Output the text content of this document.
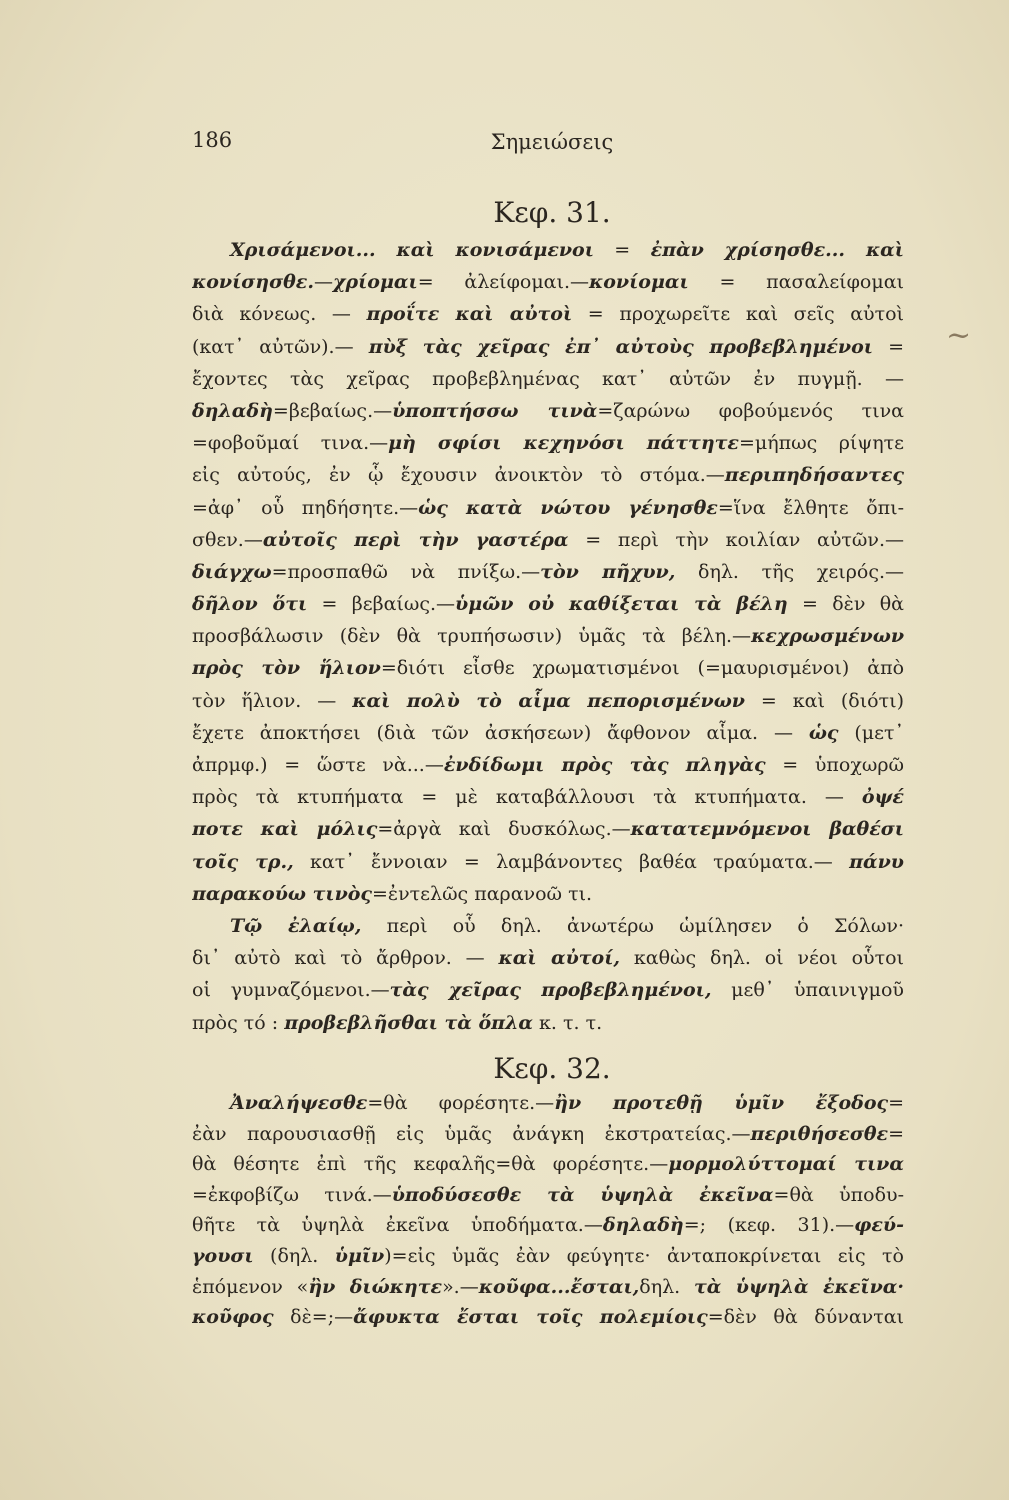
186	Σημειώσεις
Κεφ. 31.
Χρισάμενοι... καὶ κονισάμενοι = ἐπὰν χρίσησθε... καὶ
κονίσησθε.—χρίομαι= ἀλείφομαι.—κονίομαι = πασαλείφομαι
διὰ κόνεως. — προΐτε καὶ αὐτοὶ = προχωρεῖτε καὶ σεῖς αὐτοὶ
(κατ᾽ αὐτῶν).— πὺξ τὰς χεῖρας ἐπ᾽ αὐτοὺς προβεβλημένοι =
ἔχοντες τὰς χεῖρας προβεβλημένας κατ᾽ αὐτῶν ἐν πυγμῇ. —
δηλαδὴ=βεβαίως.—ὑποπτήσσω τινὰ=ζαρώνω φοβούμενός τινα
=φοβοῦμαί τινα.—μὴ σφίσι κεχηνόσι πάττητε=μήπως ρίψητε
εἰς αὐτούς, ἐν ᾧ ἔχουσιν ἀνοικτὸν τὸ στόμα.—περιπηδήσαντες
=ἀφ᾽ οὗ πηδήσητε.—ὡς κατὰ νώτου γένησθε=ἵνα ἔλθητε ὄπι-
σθεν.—αὐτοῖς περὶ τὴν γαστέρα = περὶ τὴν κοιλίαν αὐτῶν.—
διάγχω=προσπαθῶ νὰ πνίξω.—τὸν πῆχυν, δηλ. τῆς χειρός.—
δῆλον ὅτι = βεβαίως.—ὑμῶν οὐ καθίξεται τὰ βέλη = δὲν θὰ
προσβάλωσιν (δὲν θὰ τρυπήσωσιν) ὑμᾶς τὰ βέλη.—κεχρωσμένων
πρὸς τὸν ἥλιον=διότι εἶσθε χρωματισμένοι (=μαυρισμένοι) ἀπὸ
τὸν ἥλιον. — καὶ πολὺ τὸ αἷμα πεπορισμένων = καὶ (διότι)
ἔχετε ἀποκτήσει (διὰ τῶν ἀσκήσεων) ἄφθονον αἷμα. — ὡς (μετ᾽
ἀπρμφ.) = ὥστε νὰ...—ἐνδίδωμι πρὸς τὰς πληγὰς = ὑποχωρῶ
πρὸς τὰ κτυπήματα = μὲ καταβάλλουσι τὰ κτυπήματα. — ὀψέ
ποτε καὶ μόλις=ἀργὰ καὶ δυσκόλως.—κατατεμνόμενοι βαθέσι
τοῖς τρ., κατ᾽ ἔννοιαν = λαμβάνοντες βαθέα τραύματα.— πάνυ
παρακούω τινὸς=ἐντελῶς παρανοῶ τι.
Τῷ ἐλαίῳ, περὶ οὗ δηλ. ἀνωτέρω ὡμίλησεν ὁ Σόλων·
δι᾽ αὐτὸ καὶ τὸ ἄρθρον. — καὶ αὐτοί, καθὼς δηλ. οἱ νέοι οὗτοι
οἱ γυμναζόμενοι.—τὰς χεῖρας προβεβλημένοι, μεθ᾽ ὑπαινιγμοῦ
πρὸς τό : προβεβλῆσθαι τὰ ὅπλα κ. τ. τ.
Κεφ. 32.
Ἀναλήψεσθε=θὰ φορέσητε.—ἢν προτεθῇ ὑμῖν ἔξοδος=
ἐὰν παρουσιασθῇ εἰς ὑμᾶς ἀνάγκη ἐκστρατείας.—περιθήσεσθε=
θὰ θέσητε ἐπὶ τῆς κεφαλῆς=θὰ φορέσητε.—μορμολύττομαί τινα
=ἐκφοβίζω τινά.—ὑποδύσεσθε τὰ ὑψηλὰ ἐκεῖνα=θὰ ὑποδυ-
θῆτε τὰ ὑψηλὰ ἐκεῖνα ὑποδήματα.—δηλαδὴ=; (κεφ. 31).—φεύ-
γουσι (δηλ. ὑμῖν)=εἰς ὑμᾶς ἐὰν φεύγητε· ἀνταποκρίνεται εἰς τὸ
ἑπόμενον «ἢν διώκητε».—κοῦφα...ἔσται,δηλ. τὰ ὑψηλὰ ἐκεῖνα·
κοῦφος δὲ=;—ἄφυκτα ἔσται τοῖς πολεμίοις=δὲν θὰ δύνανται
~
